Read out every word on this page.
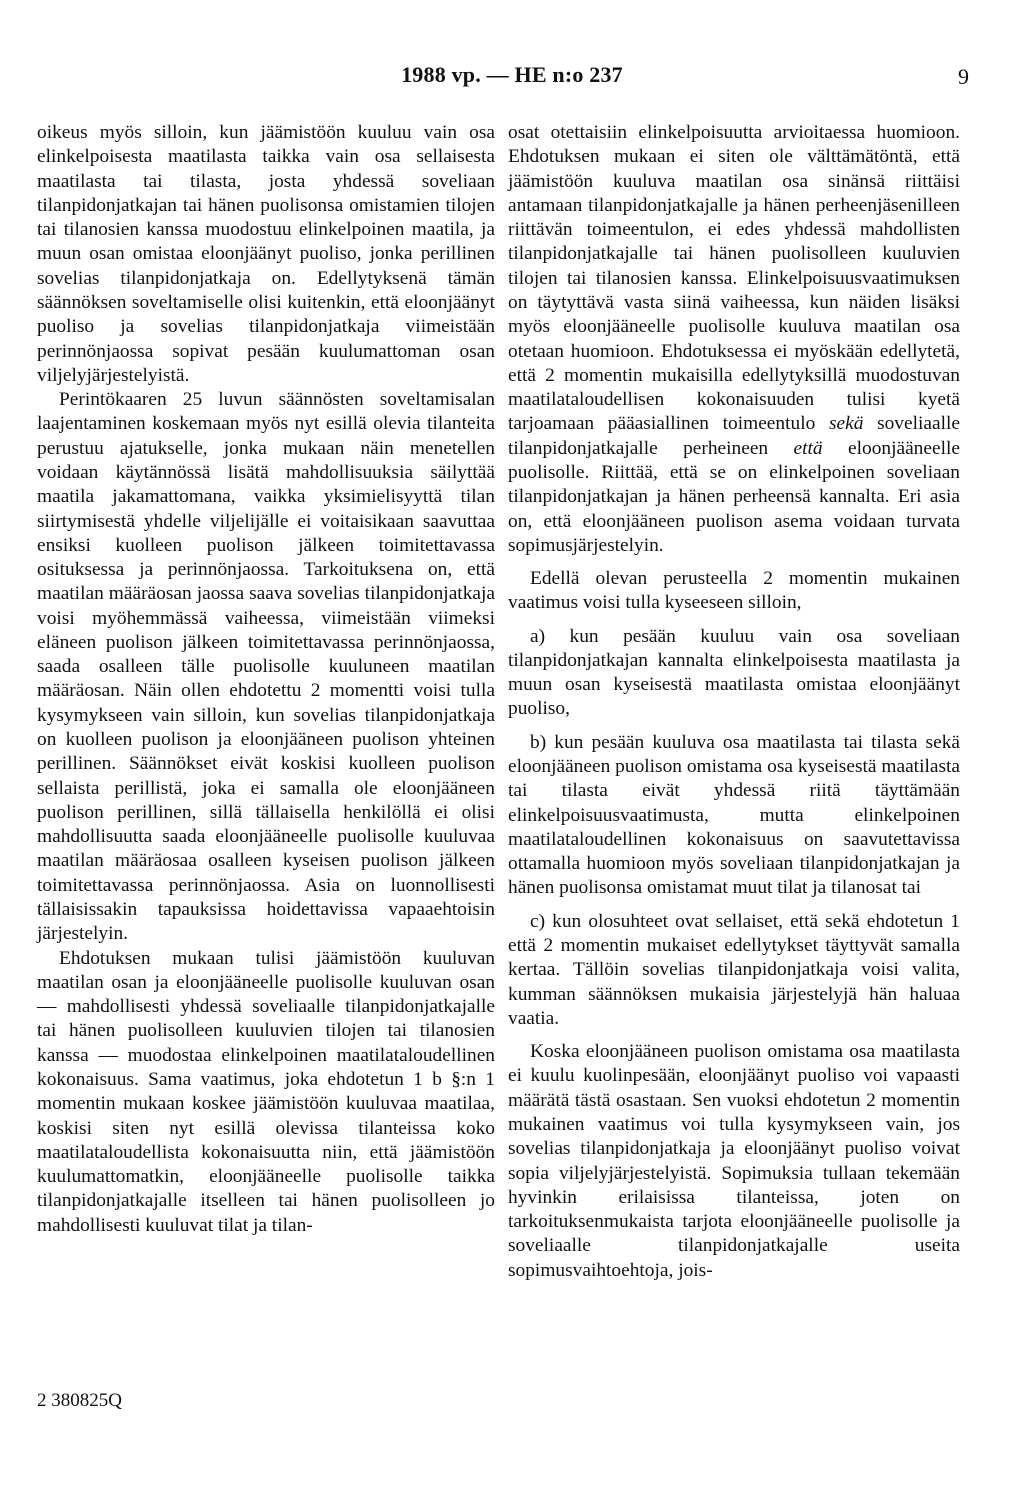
1988 vp. — HE n:o 237	9

oikeus myös silloin, kun jäämistöön kuuluu vain osa elinkelpoisesta maatilasta taikka vain osa sellaisesta maatilasta tai tilasta, josta yhdessä soveliaan tilanpidonjatkajan tai hänen puolisonsa omistamien tilojen tai tilanosien kanssa muodostuu elinkelpoinen maatila, ja muun osan omistaa eloonjäänyt puoliso, jonka perillinen sovelias tilanpidonjatkaja on. Edellytyksenä tämän säännöksen soveltamiselle olisi kuitenkin, että eloonjäänyt puoliso ja sovelias tilanpidonjatkaja viimeistään perinnönjaossa sopivat pesään kuulumattoman osan viljelyjärjestelyistä.

Perintökaaren 25 luvun säännösten soveltamisalan laajentaminen koskemaan myös nyt esillä olevia tilanteita perustuu ajatukselle, jonka mukaan näin menetellen voidaan käytännössä lisätä mahdollisuuksia säilyttää maatila jakamattomana, vaikka yksimielisyyttä tilan siirtymisestä yhdelle viljelijälle ei voitaisikaan saavuttaa ensiksi kuolleen puolison jälkeen toimitettavassa osituksessa ja perinnönjaossa. Tarkoituksena on, että maatilan määräosan jaossa saava sovelias tilanpidonjatkaja voisi myöhemmässä vaiheessa, viimeistään viimeksi eläneen puolison jälkeen toimitettavassa perinnönjaossa, saada osalleen tälle puolisolle kuuluneen maatilan määräosan. Näin ollen ehdotettu 2 momentti voisi tulla kysymykseen vain silloin, kun sovelias tilanpidonjatkaja on kuolleen puolison ja eloonjääneen puolison yhteinen perillinen. Säännökset eivät koskisi kuolleen puolison sellaista perillistä, joka ei samalla ole eloonjääneen puolison perillinen, sillä tällaisella henkilöllä ei olisi mahdollisuutta saada eloonjääneelle puolisolle kuuluvaa maatilan määräosaa osalleen kyseisen puolison jälkeen toimitettavassa perinnönjaossa. Asia on luonnollisesti tällaisissakin tapauksissa hoidettavissa vapaaehtoisin järjestelyin.

Ehdotuksen mukaan tulisi jäämistöön kuuluvan maatilan osan ja eloonjääneelle puolisolle kuuluvan osan — mahdollisesti yhdessä soveliaalle tilanpidonjatkajalle tai hänen puolisolleen kuuluvien tilojen tai tilanosien kanssa — muodostaa elinkelpoinen maatilataloudellinen kokonaisuus. Sama vaatimus, joka ehdotetun 1 b §:n 1 momentin mukaan koskee jäämistöön kuuluvaa maatilaa, koskisi siten nyt esillä olevissa tilanteissa koko maatilataloudellista kokonaisuutta niin, että jäämistöön kuulumattomatkin, eloonjääneelle puolisolle taikka tilanpidonjatkajalle itselleen tai hänen puolisolleen jo mahdollisesti kuuluvat tilat ja tilan-

osat otettaisiin elinkelpoisuutta arvioitaessa huomioon. Ehdotuksen mukaan ei siten ole välttämätöntä, että jäämistöön kuuluva maatilan osa sinänsä riittäisi antamaan tilanpidonjatkajalle ja hänen perheenjäsenilleen riittävän toimeentulon, ei edes yhdessä mahdollisten tilanpidonjatkajalle tai hänen puolisolleen kuuluvien tilojen tai tilanosien kanssa. Elinkelpoisuusvaatimuksen on täytyttävä vasta siinä vaiheessa, kun näiden lisäksi myös eloonjääneelle puolisolle kuuluva maatilan osa otetaan huomioon. Ehdotuksessa ei myöskään edellytetä, että 2 momentin mukaisilla edellytyksillä muodostuvan maatilataloudellisen kokonaisuuden tulisi kyetä tarjoamaan pääasiallinen toimeentulo sekä soveliaalle tilanpidonjatkajalle perheineen että eloonjääneelle puolisolle. Riittää, että se on elinkelpoinen soveliaan tilanpidonjatkajan ja hänen perheensä kannalta. Eri asia on, että eloonjääneen puolison asema voidaan turvata sopimusjärjestelyin.

Edellä olevan perusteella 2 momentin mukainen vaatimus voisi tulla kyseeseen silloin,

a) kun pesään kuuluu vain osa soveliaan tilanpidonjatkajan kannalta elinkelpoisesta maatilasta ja muun osan kyseisestä maatilasta omistaa eloonjäänyt puoliso,

b) kun pesään kuuluva osa maatilasta tai tilasta sekä eloonjääneen puolison omistama osa kyseisestä maatilasta tai tilasta eivät yhdessä riitä täyttämään elinkelpoisuusvaatimusta, mutta elinkelpoinen maatilataloudellinen kokonaisuus on saavutettavissa ottamalla huomioon myös soveliaan tilanpidonjatkajan ja hänen puolisonsa omistamat muut tilat ja tilanosat tai

c) kun olosuhteet ovat sellaiset, että sekä ehdotetun 1 että 2 momentin mukaiset edellytykset täyttyvät samalla kertaa. Tällöin sovelias tilanpidonjatkaja voisi valita, kumman säännöksen mukaisia järjestelyjä hän haluaa vaatia.

Koska eloonjääneen puolison omistama osa maatilasta ei kuulu kuolinpesään, eloonjäänyt puoliso voi vapaasti määrätä tästä osastaan. Sen vuoksi ehdotetun 2 momentin mukainen vaatimus voi tulla kysymykseen vain, jos sovelias tilanpidonjatkaja ja eloonjäänyt puoliso voivat sopia viljelyjärjestelyistä. Sopimuksia tullaan tekemään hyvinkin erilaisissa tilanteissa, joten on tarkoituksenmukaista tarjota eloonjääneelle puolisolle ja soveliaalle tilanpidonjatkajalle useita sopimusvaihtoehtoja, jois-

2 380825Q
